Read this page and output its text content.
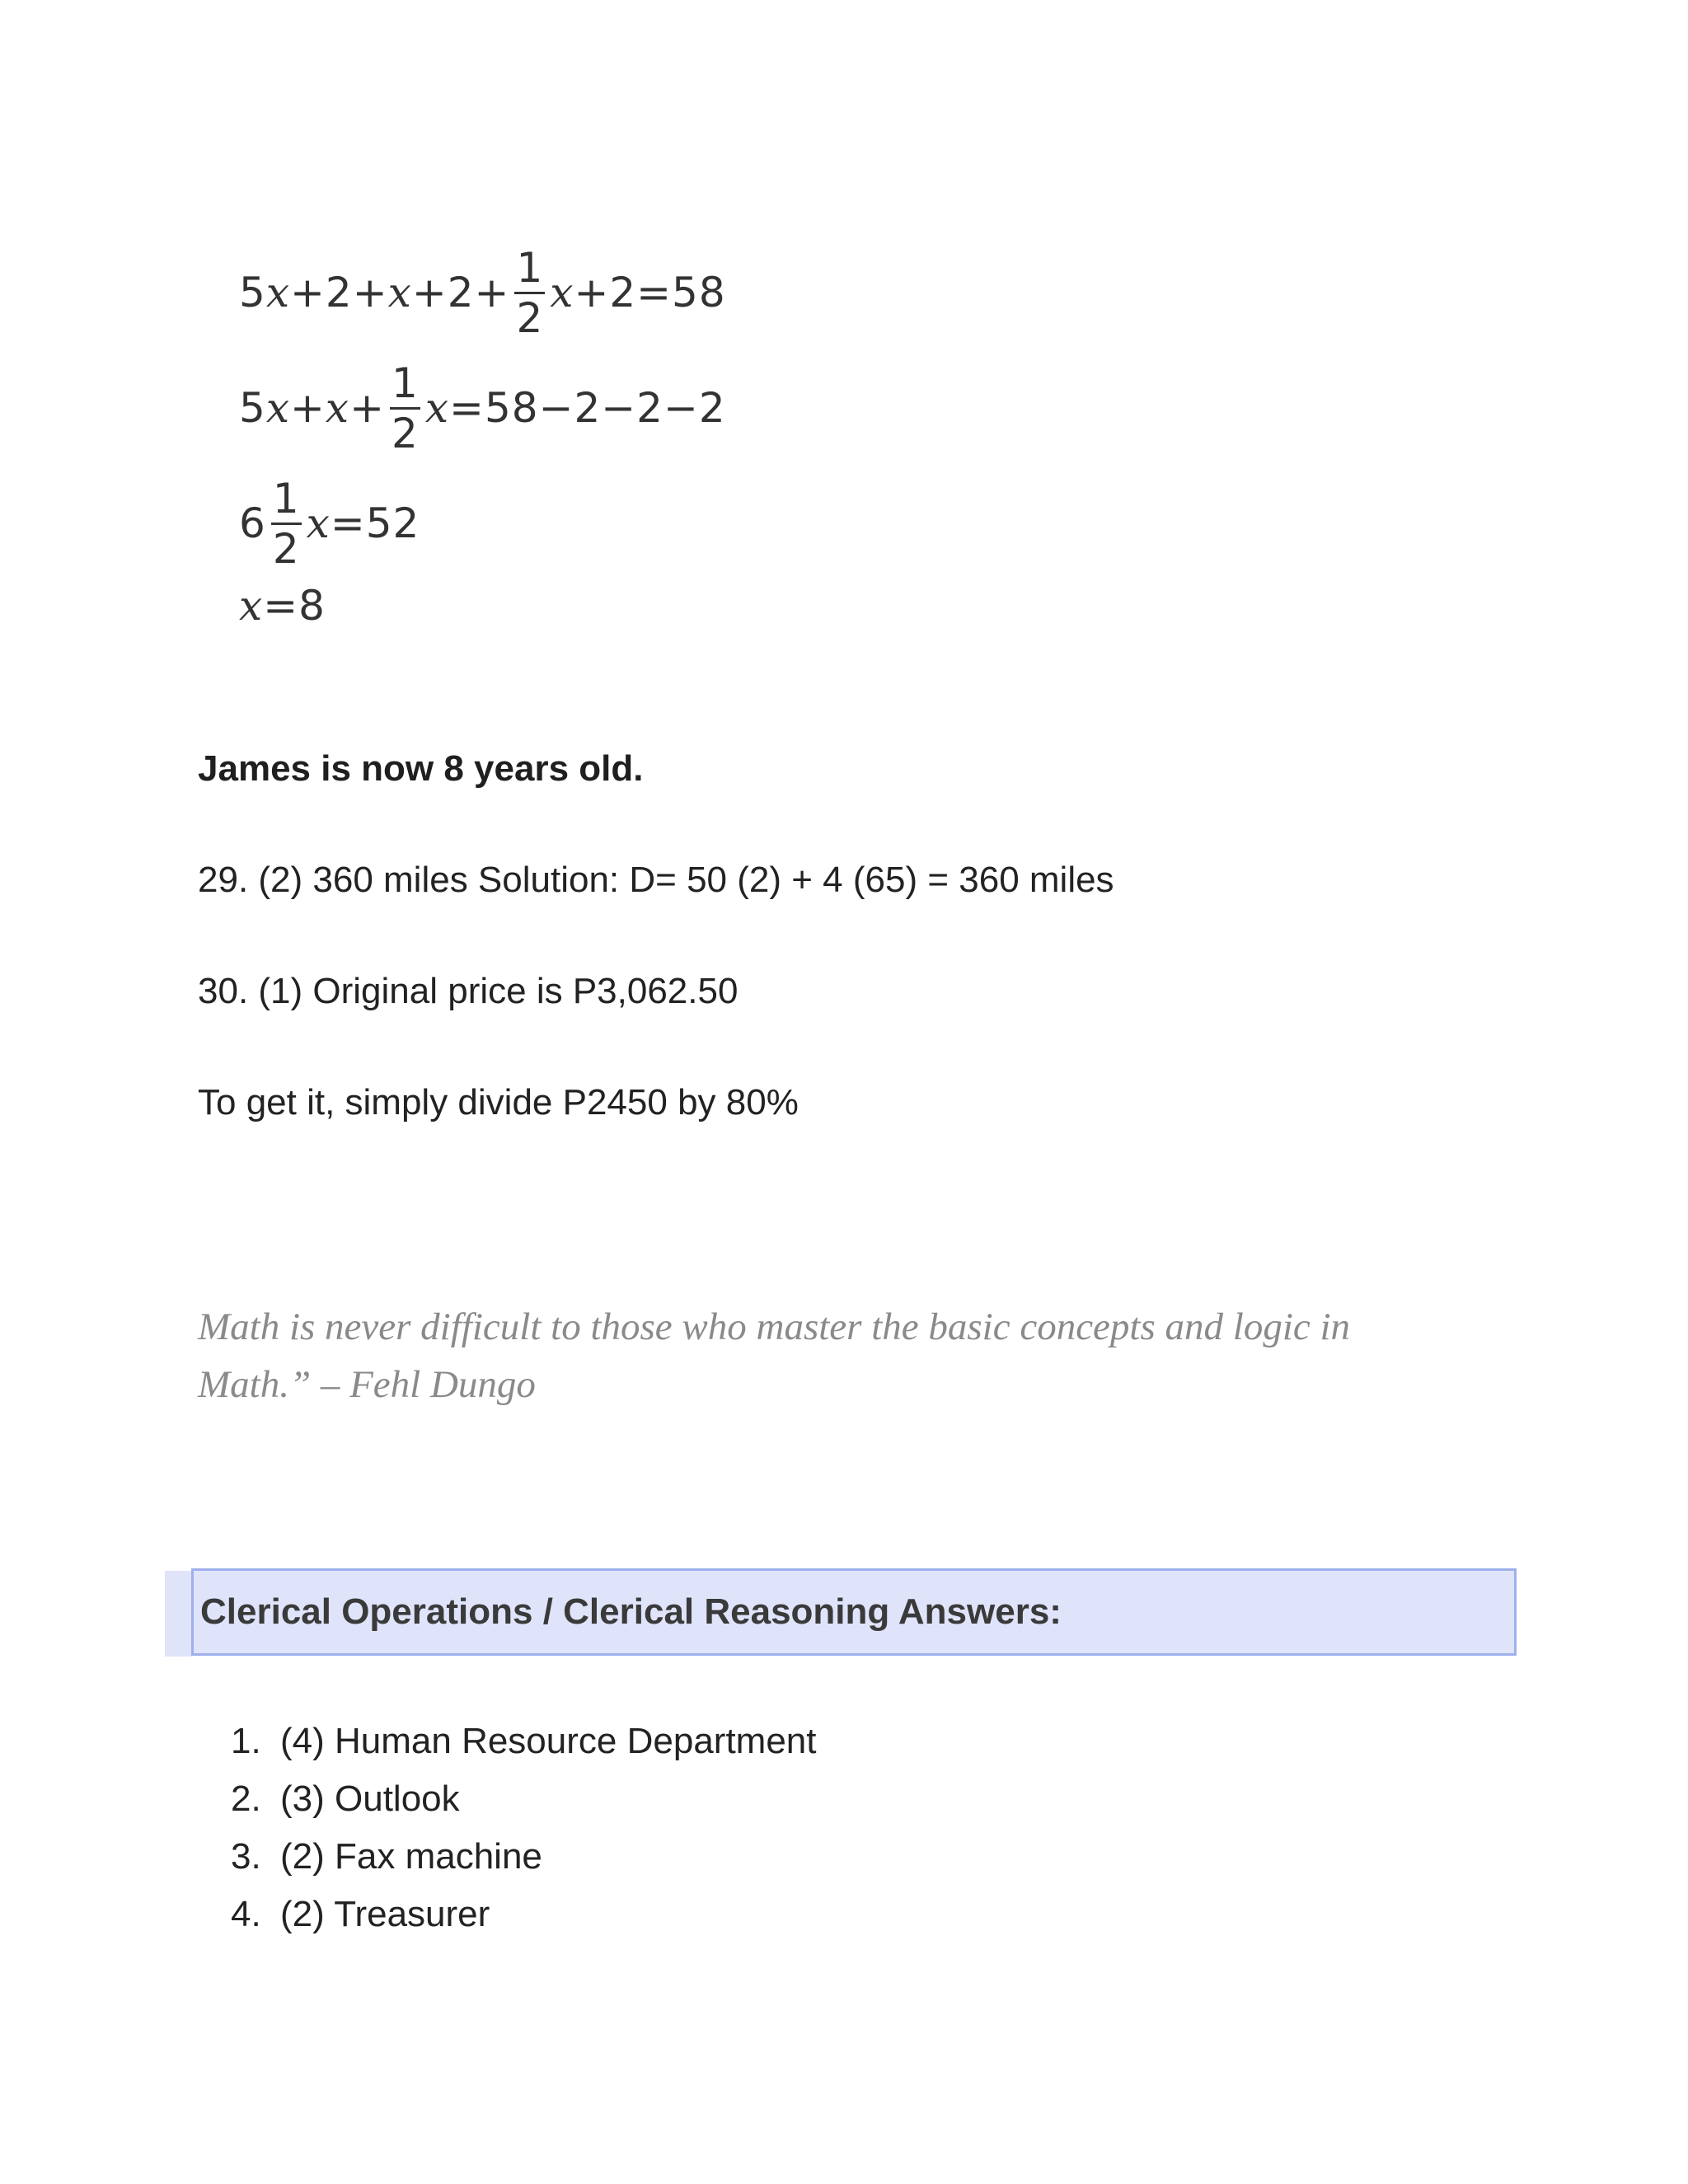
5 $x +2+ x +2+ \frac{1}{2}$ x +2=58
5 $x + x + \frac{1}{2}$ x =58−2−2−2
$6 \frac{1}{2}$ x =52
x =8
James is now 8 years old.
29. (2) 360 miles Solution: D= 50 (2) + 4 (65) = 360 miles
30. (1) Original price is P3,062.50
To get it, simply divide P2450 by 80%
Math is never difficult to those who master the basic concepts and logic in
Math.” – Fehl Dungo
Clerical Operations / Clerical Reasoning Answers:
1. (4) Human Resource Department
2. (3) Outlook
3. (2) Fax machine
4. (2) Treasurer
